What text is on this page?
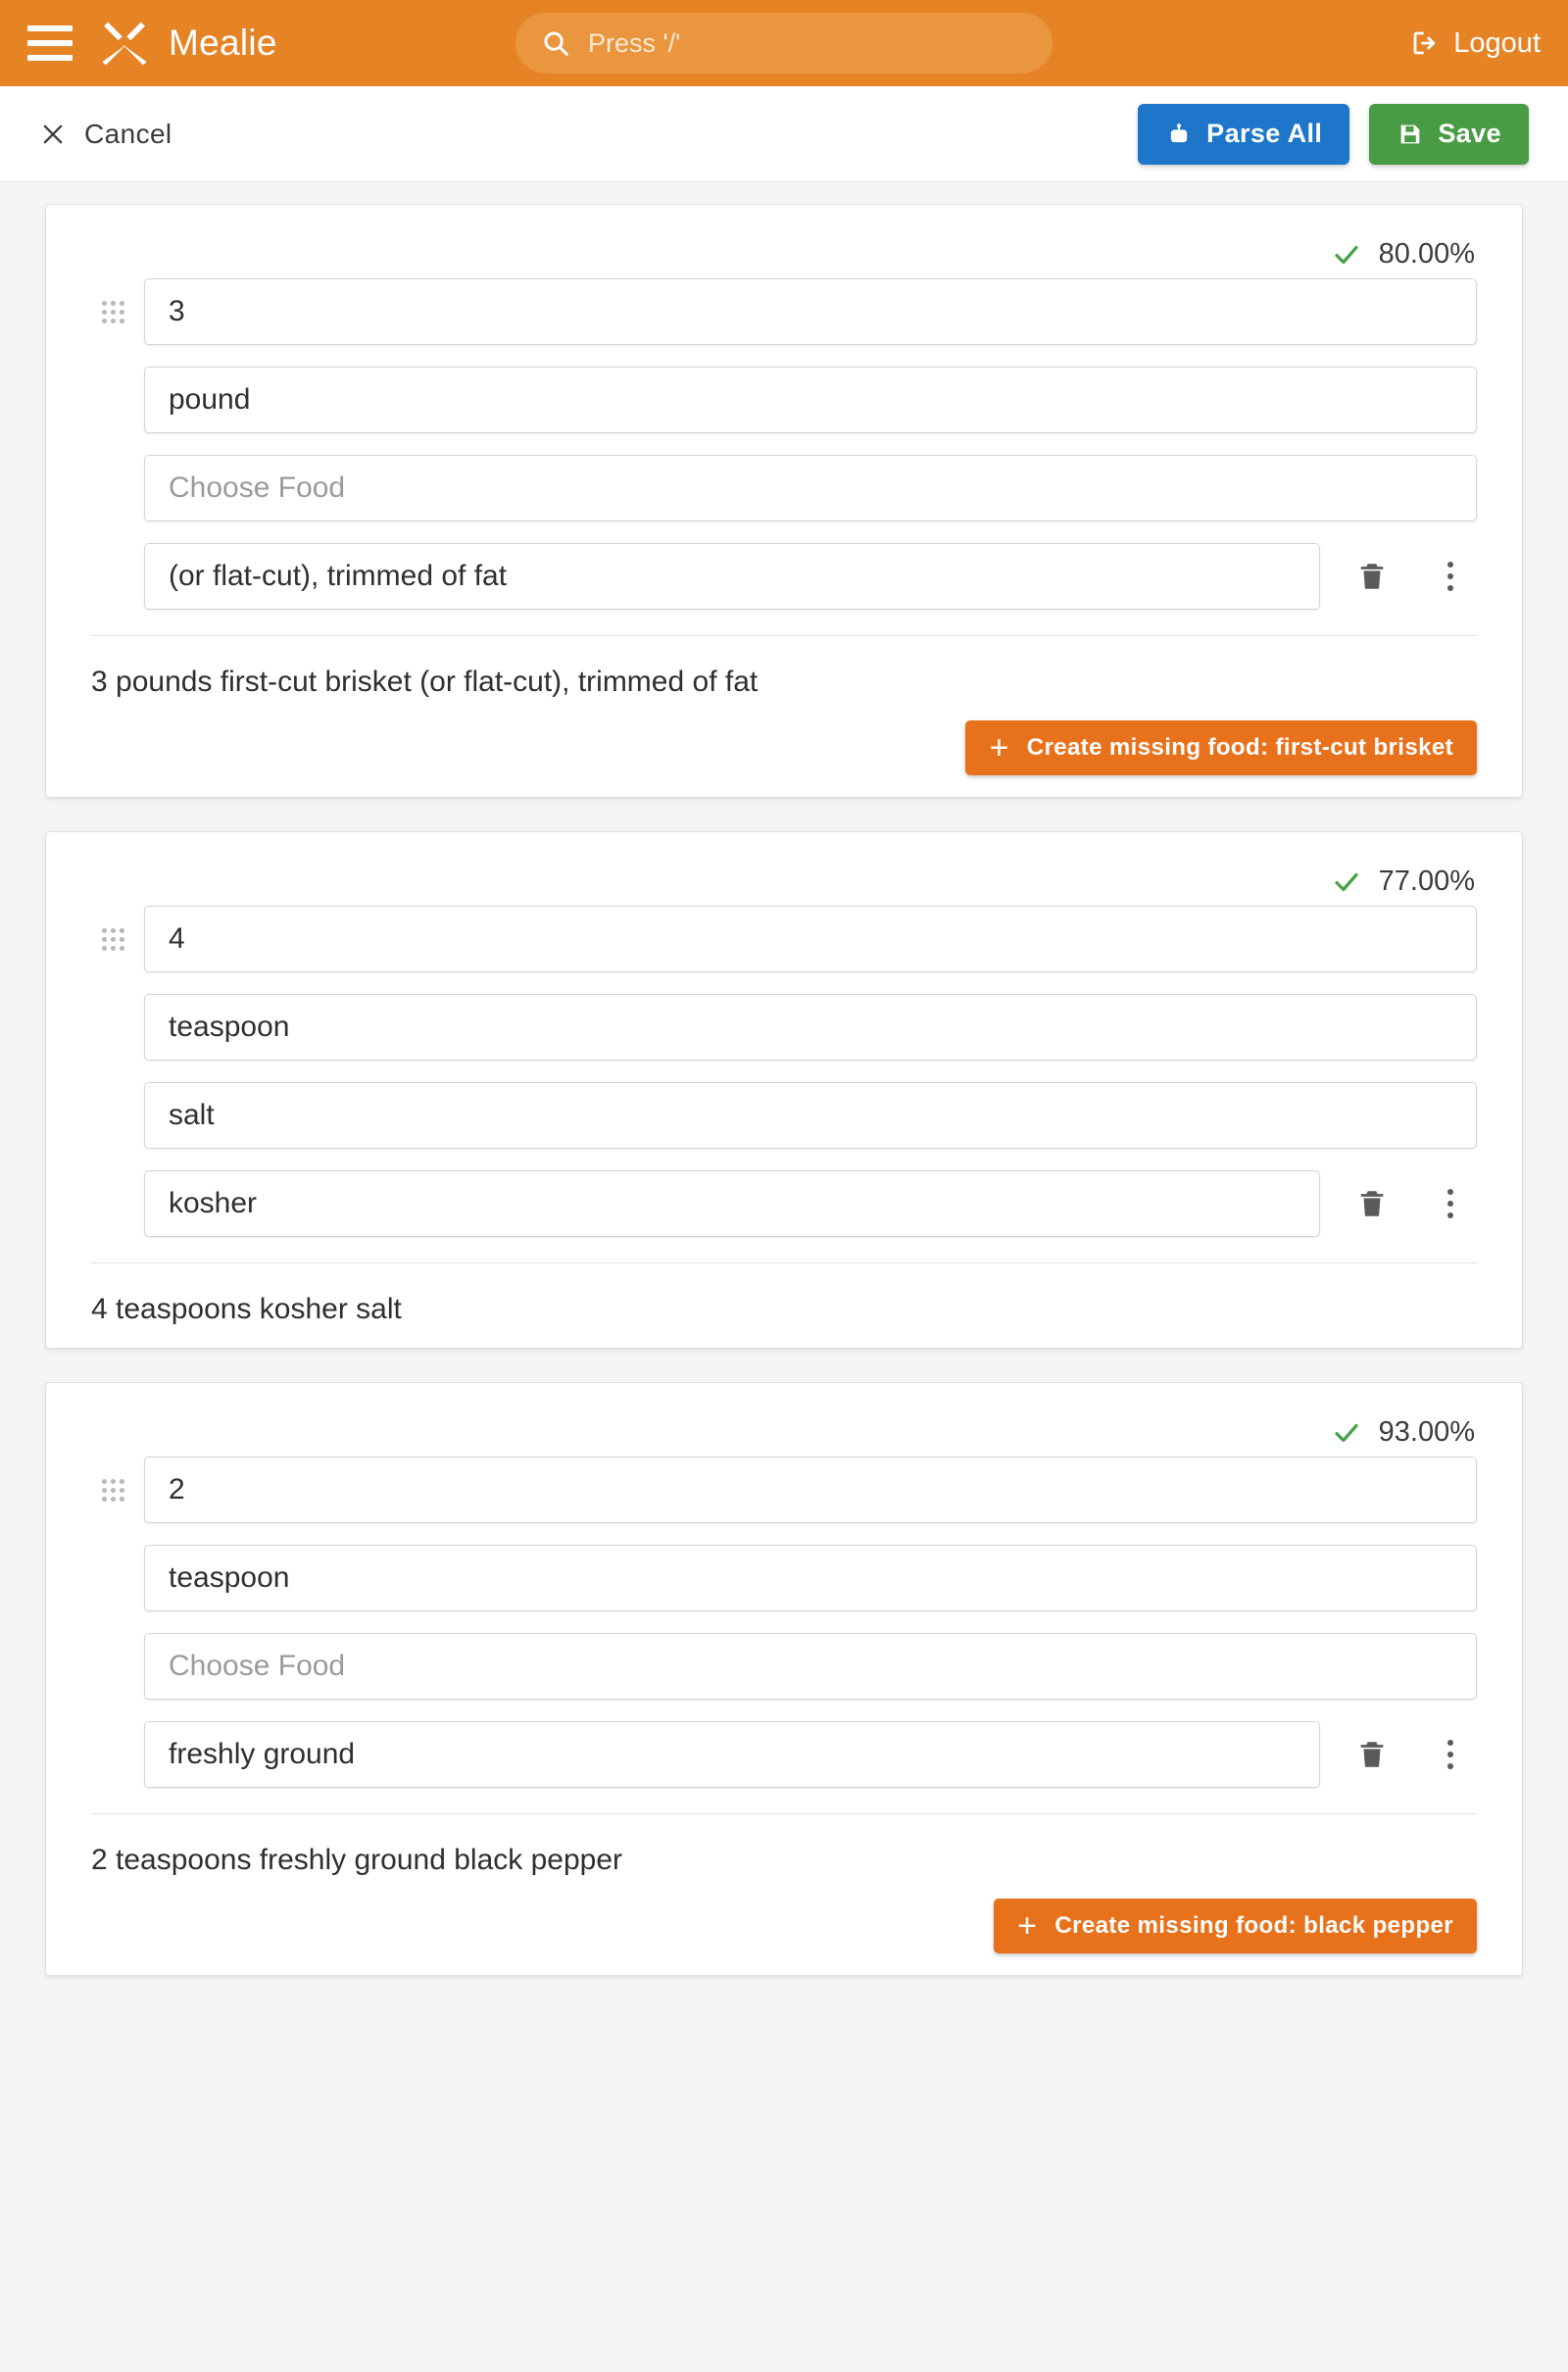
Mealie
Press '/'	Logout
Cancel	Parse All	Save
80.00%
3
pound
Choose Food
(or flat-cut), trimmed of fat
3 pounds first-cut brisket (or flat-cut), trimmed of fat
+ Create missing food: first-cut brisket
77.00%
4
teaspoon
salt
kosher
4 teaspoons kosher salt
93.00%
2
teaspoon
Choose Food
freshly ground
2 teaspoons freshly ground black pepper
+ Create missing food: black pepper
